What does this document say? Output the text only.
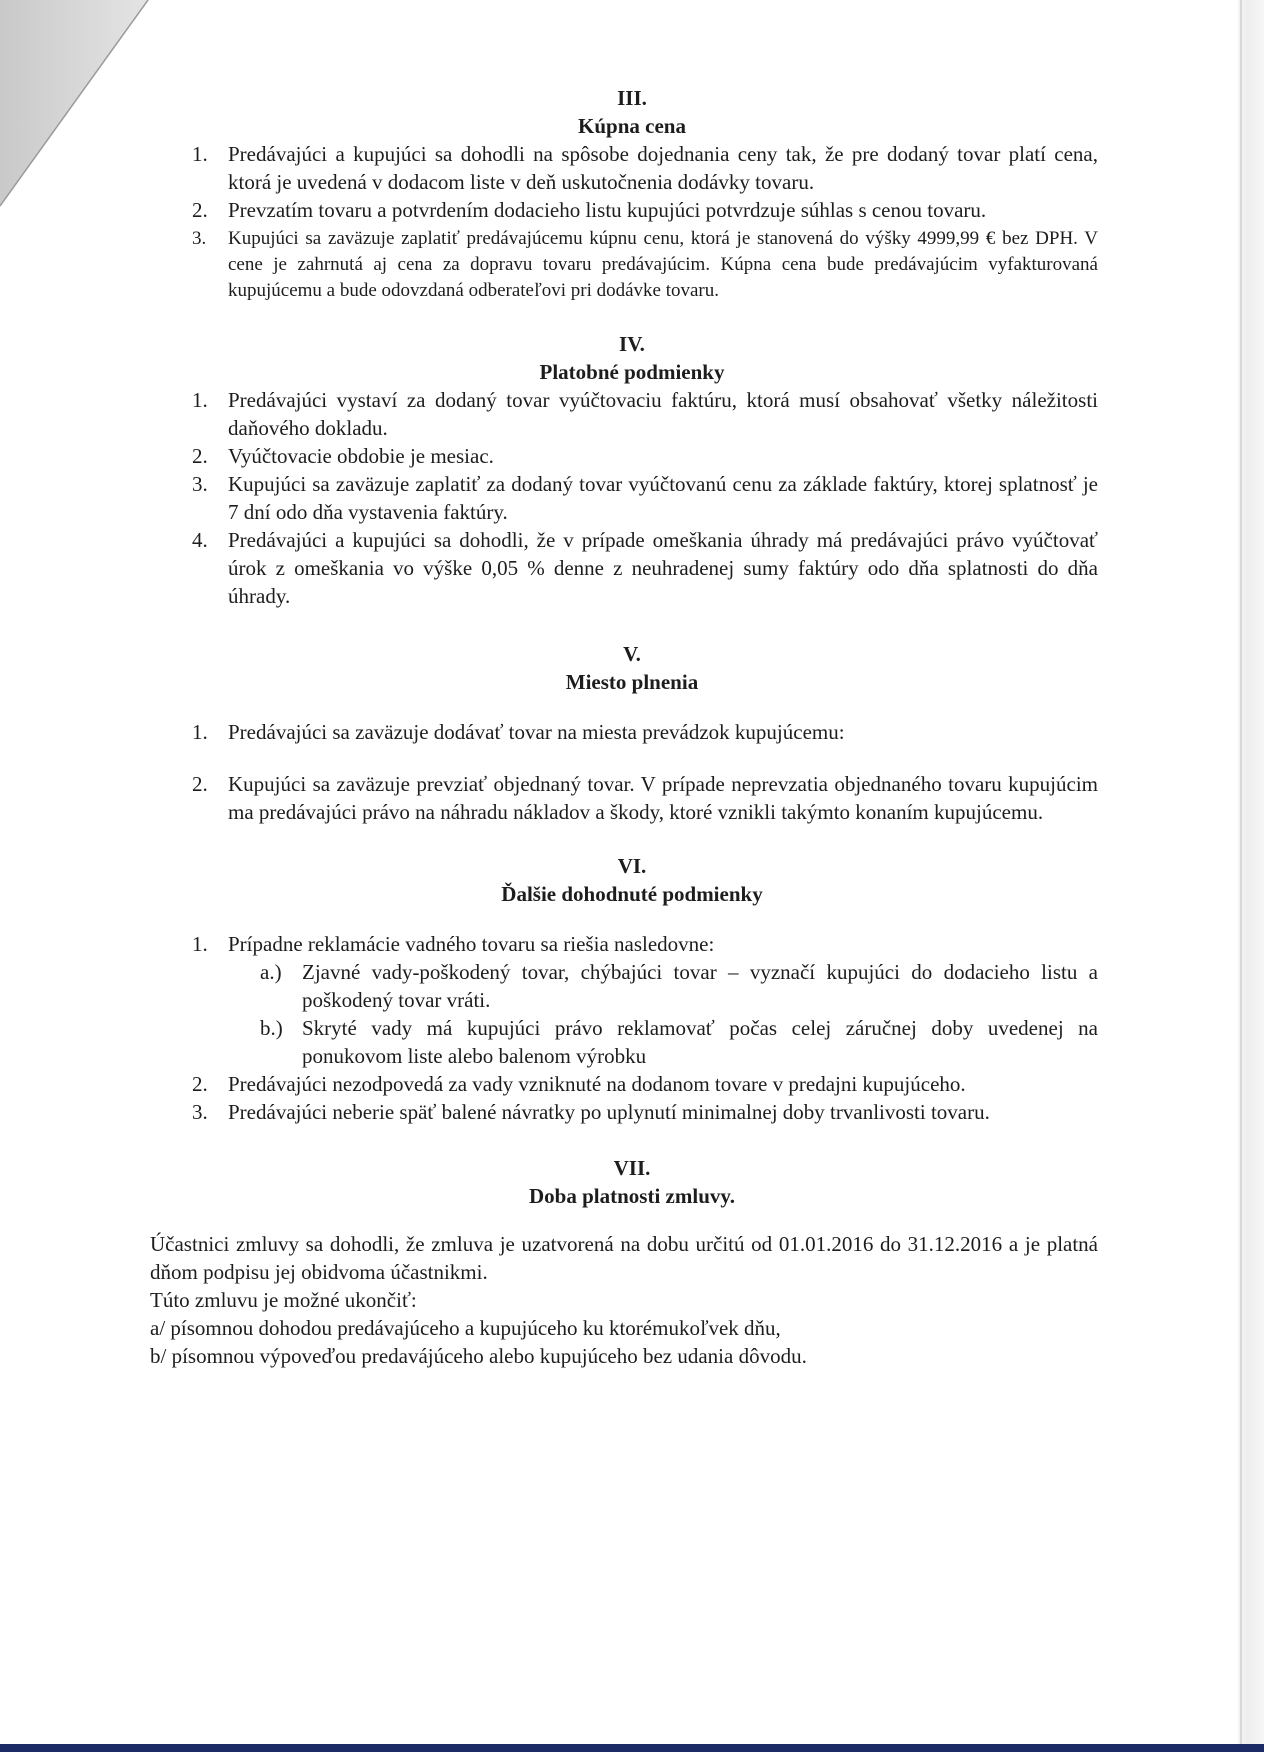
III.
Kúpna cena
1. Predávajúci a kupujúci sa dohodli na spôsobe dojednania ceny tak, že pre dodaný tovar platí cena, ktorá je uvedená v dodacom liste v deň uskutočnenia dodávky tovaru.
2. Prevzatím tovaru a potvrdením dodacieho listu kupujúci potvrdzuje súhlas s cenou tovaru.
3. Kupujúci sa zaväzuje zaplatiť predávajúcemu kúpnu cenu, ktorá je stanovená do výšky 4999,99 € bez DPH. V cene je zahrnutá aj cena za dopravu tovaru predávajúcim. Kúpna cena bude predávajúcim vyfakturovaná kupujúcemu a bude odovzdaná odberateľovi pri dodávke tovaru.
IV.
Platobné podmienky
1. Predávajúci vystaví za dodaný tovar vyúčtovaciu faktúru, ktorá musí obsahovať všetky náležitosti daňového dokladu.
2. Vyúčtovacie obdobie je mesiac.
3. Kupujúci sa zaväzuje zaplatiť za dodaný tovar vyúčtovanú cenu za základe faktúry, ktorej splatnosť je 7 dní odo dňa vystavenia faktúry.
4. Predávajúci a kupujúci sa dohodli, že v prípade omeškania úhrady má predávajúci právo vyúčtovať úrok z omeškania vo výške 0,05 % denne z neuhradenej sumy faktúry odo dňa splatnosti do dňa úhrady.
V.
Miesto plnenia
1. Predávajúci sa zaväzuje dodávať tovar na miesta prevádzok kupujúcemu:
2. Kupujúci sa zaväzuje prevziať objednaný tovar. V prípade neprevzatia objednaného tovaru kupujúcim ma predávajúci právo na náhradu nákladov a škody, ktoré vznikli takýmto konaním kupujúcemu.
VI.
Ďalšie dohodnuté podmienky
1. Prípadne reklamácie vadného tovaru sa riešia nasledovne:
a.) Zjavné vady-poškodený tovar, chýbajúci tovar – vyznačí kupujúci do dodacieho listu a poškodený tovar vráti.
b.) Skryté vady má kupujúci právo reklamovať počas celej záručnej doby uvedenej na ponukovom liste alebo balenom výrobku
2. Predávajúci nezodpovedá za vady vzniknuté na dodanom tovare v predajni kupujúceho.
3. Predávajúci neberie späť balené návratky po uplynutí minimalnej doby trvanlivosti tovaru.
VII.
Doba platnosti zmluvy.
Účastnici zmluvy sa dohodli, že zmluva je uzatvorená na dobu určitú od 01.01.2016 do 31.12.2016 a je platná dňom podpisu jej obidvoma účastnikmi.
Túto zmluvu je možné ukončiť:
a/ písomnou dohodou predávajúceho a kupujúceho ku ktorémukoľvek dňu,
b/ písomnou výpoveďou predavájúceho alebo kupujúceho bez udania dôvodu.
